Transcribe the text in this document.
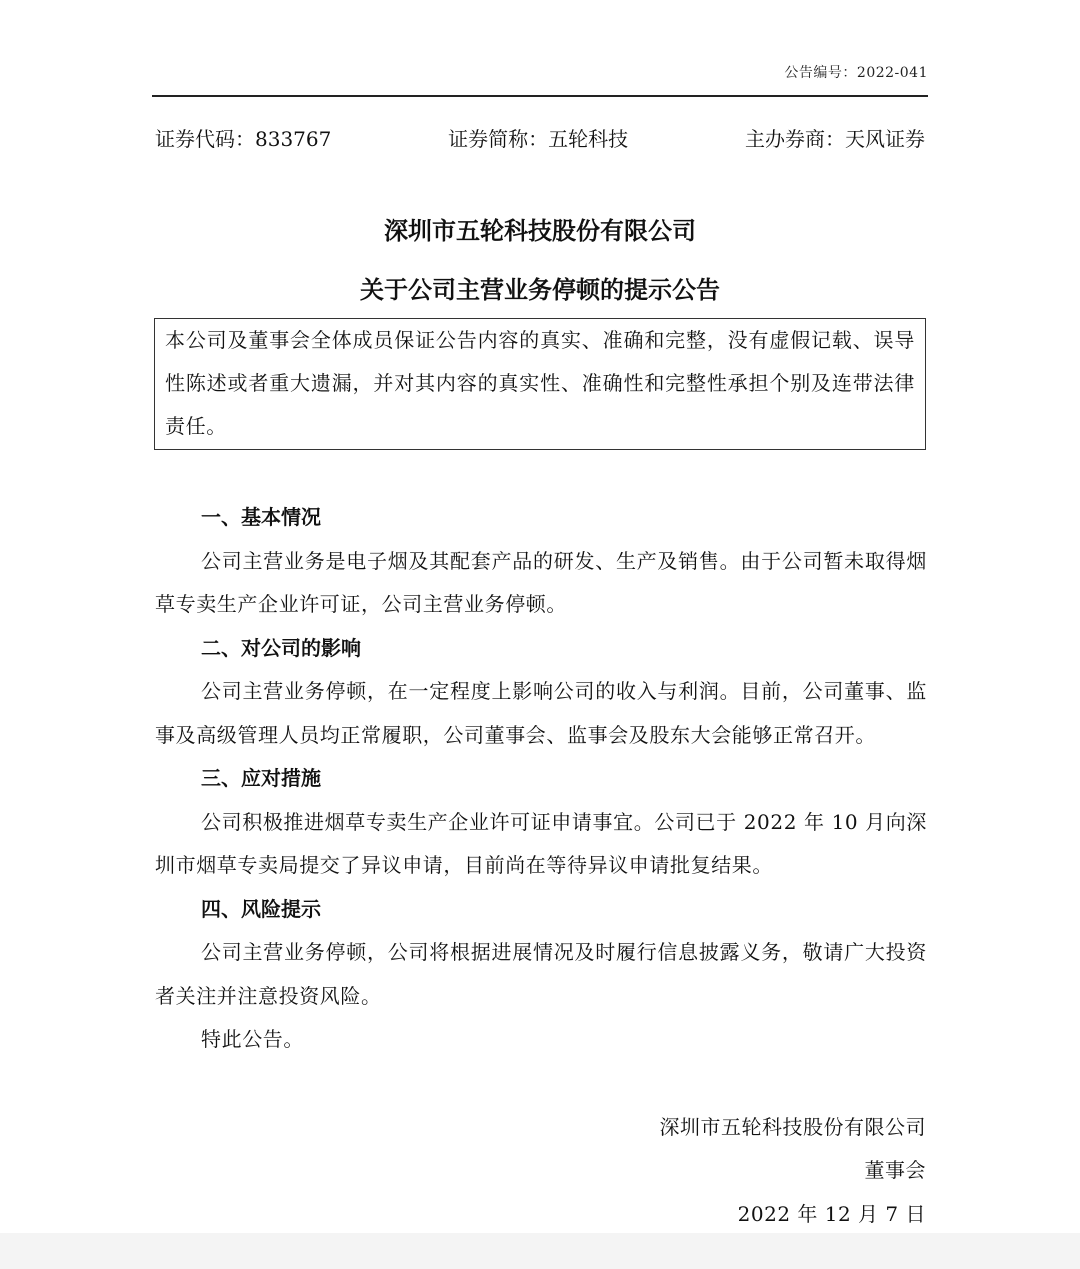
公告编号：2022-041
证券代码：833767	证券简称：五轮科技	主办券商：天风证券
深圳市五轮科技股份有限公司
关于公司主营业务停顿的提示公告
本公司及董事会全体成员保证公告内容的真实、准确和完整，没有虚假记载、误导性陈述或者重大遗漏，并对其内容的真实性、准确性和完整性承担个别及连带法律责任。

一、基本情况

公司主营业务是电子烟及其配套产品的研发、生产及销售。由于公司暂未取得烟草专卖生产企业许可证，公司主营业务停顿。

二、对公司的影响

公司主营业务停顿，在一定程度上影响公司的收入与利润。目前，公司董事、监事及高级管理人员均正常履职，公司董事会、监事会及股东大会能够正常召开。

三、应对措施

公司积极推进烟草专卖生产企业许可证申请事宜。公司已于 2022 年 10 月向深圳市烟草专卖局提交了异议申请，目前尚在等待异议申请批复结果。

四、风险提示

公司主营业务停顿，公司将根据进展情况及时履行信息披露义务，敬请广大投资者关注并注意投资风险。

特此公告。

深圳市五轮科技股份有限公司
董事会
2022 年 12 月 7 日
